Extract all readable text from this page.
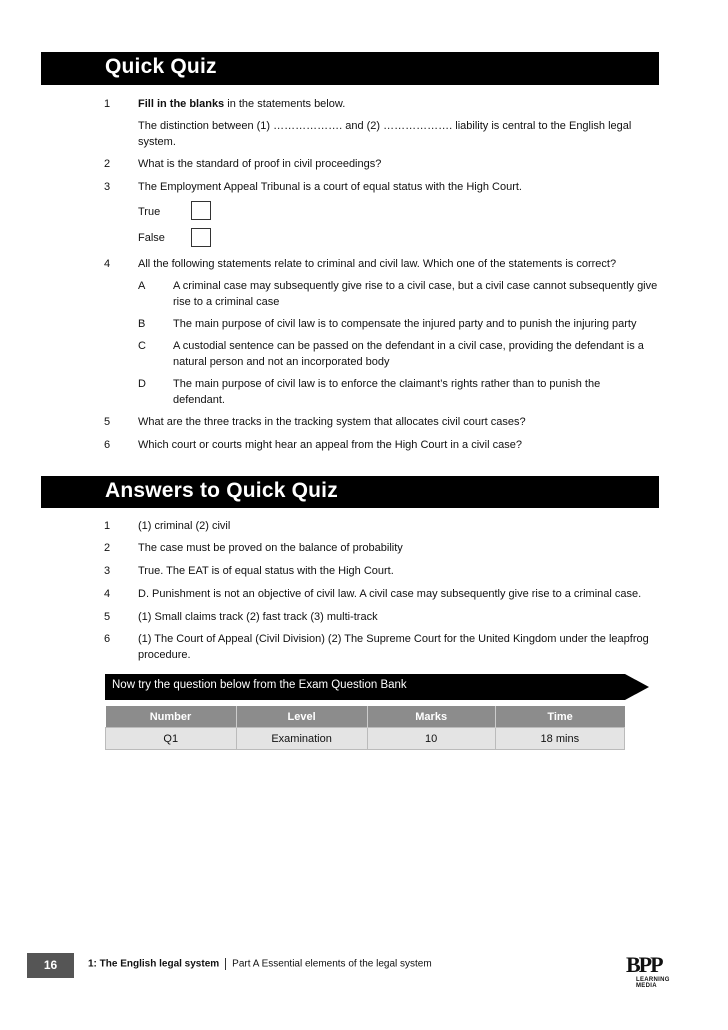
Quick Quiz
1	Fill in the blanks in the statements below.
The distinction between (1) ………………. and (2) ………………. liability is central to the English legal
system.
2	What is the standard of proof in civil proceedings?
3	The Employment Appeal Tribunal is a court of equal status with the High Court.
True
False
4	All the following statements relate to criminal and civil law. Which one of the statements is correct?
A	A criminal case may subsequently give rise to a civil case, but a civil case cannot subsequently give
rise to a criminal case
B	The main purpose of civil law is to compensate the injured party and to punish the injuring party
C A custodial sentence can be passed on the defendant in a civil case, providing the defendant is a
natural person and not an incorporated body
D The main purpose of civil law is to enforce the claimant’s rights rather than to punish the
defendant.
5	What are the three tracks in the tracking system that allocates civil court cases?
6	Which court or courts might hear an appeal from the High Court in a civil case?
Answers to Quick Quiz
1	(1) criminal (2) civil
2	The case must be proved on the balance of probability
3	True. The EAT is of equal status with the High Court.
4	D. Punishment is not an objective of civil law. A civil case may subsequently give rise to a criminal case.
5	(1) Small claims track (2) fast track (3) multi-track
6	(1) The Court of Appeal (Civil Division) (2) The Supreme Court for the United Kingdom under the leapfrog
procedure.
Now try the question below from the Exam Question Bank
Number	Level	Marks	Time
Q1	Examination	10	18 mins
16	1: The English legal system Part A Essential elements of the legal system	BPP
LEARNING MEDIA
